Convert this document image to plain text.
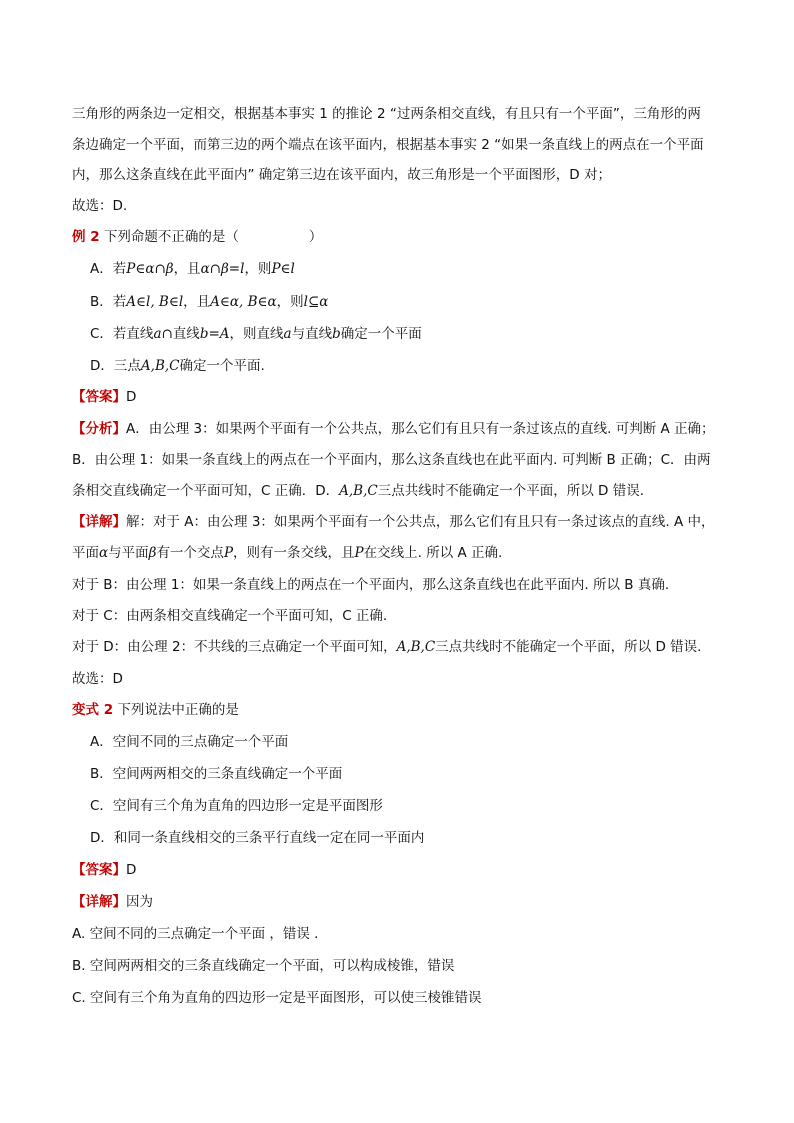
三角形的两条边一定相交，根据基本事实 1 的推论 2 “过两条相交直线，有且只有一个平面”，三角形的两
条边确定一个平面，而第三边的两个端点在该平面内，根据基本事实 2 “如果一条直线上的两点在一个平面
内，那么这条直线在此平面内” 确定第三边在该平面内，故三角形是一个平面图形，D 对；
故选：D.
例 2 下列命题不正确的是（	）
A．若P∈α∩β，且α∩β=l，则P∈l
B．若A∈l, B∈l，且A∈α, B∈α，则l⊆α
C．若直线a∩直线b=A，则直线a与直线b确定一个平面
D．三点A,B,C确定一个平面.
【答案】D
【分析】A．由公理 3：如果两个平面有一个公共点，那么它们有且只有一条过该点的直线. 可判断 A 正确；
B．由公理 1：如果一条直线上的两点在一个平面内，那么这条直线也在此平面内. 可判断 B 正确；C．由两
条相交直线确定一个平面可知，C 正确．D．A,B,C三点共线时不能确定一个平面，所以 D 错误.
【详解】解：对于 A：由公理 3：如果两个平面有一个公共点，那么它们有且只有一条过该点的直线. A 中，
平面α与平面β有一个交点P，则有一条交线，且P在交线上. 所以 A 正确.
对于 B：由公理 1：如果一条直线上的两点在一个平面内，那么这条直线也在此平面内. 所以 B 真确.
对于 C：由两条相交直线确定一个平面可知，C 正确.
对于 D：由公理 2：不共线的三点确定一个平面可知，A,B,C三点共线时不能确定一个平面，所以 D 错误.
故选：D
变式 2 下列说法中正确的是
A．空间不同的三点确定一个平面
B．空间两两相交的三条直线确定一个平面
C．空间有三个角为直角的四边形一定是平面图形
D．和同一条直线相交的三条平行直线一定在同一平面内
【答案】D
【详解】因为
A. 空间不同的三点确定一个平面 ，错误 .
B. 空间两两相交的三条直线确定一个平面，可以构成棱锥，错误
C. 空间有三个角为直角的四边形一定是平面图形，可以使三棱锥错误
